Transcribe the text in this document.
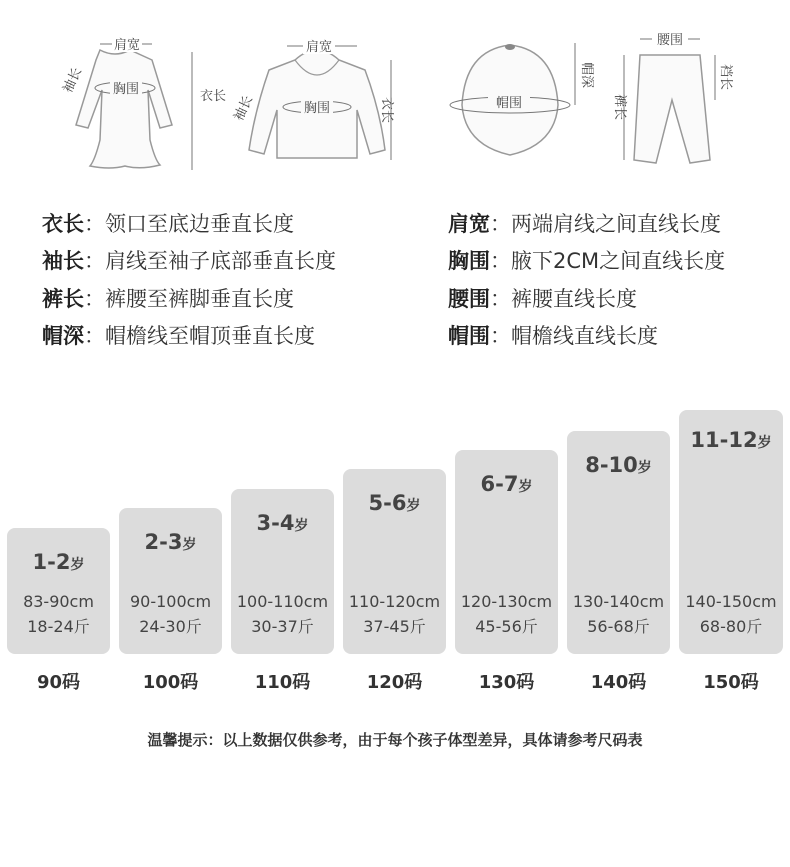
肩宽
胸围
袖长
衣长
肩宽
胸围
袖长	衣长	帽围
帽深
腰围
裤长
裆长
衣长：领口至底边垂直长度	肩宽：两端肩线之间直线长度
袖长：肩线至袖子底部垂直长度	胸围：腋下2CM之间直线长度
裤长：裤腰至裤脚垂直长度	腰围：裤腰直线长度
帽深：帽檐线至帽顶垂直长度	帽围：帽檐线直线长度
1-2岁
83-90cm
18-24斤
2-3岁
90-100cm
24-30斤
3-4岁
100-110cm
30-37斤
5-6岁
110-120cm
37-45斤
6-7岁
120-130cm
45-56斤
8-10岁
130-140cm
56-68斤
11-12岁
140-150cm
68-80斤
90码	100码	110码	120码	130码	140码	150码
温馨提示：以上数据仅供参考，由于每个孩子体型差异，具体请参考尺码表
